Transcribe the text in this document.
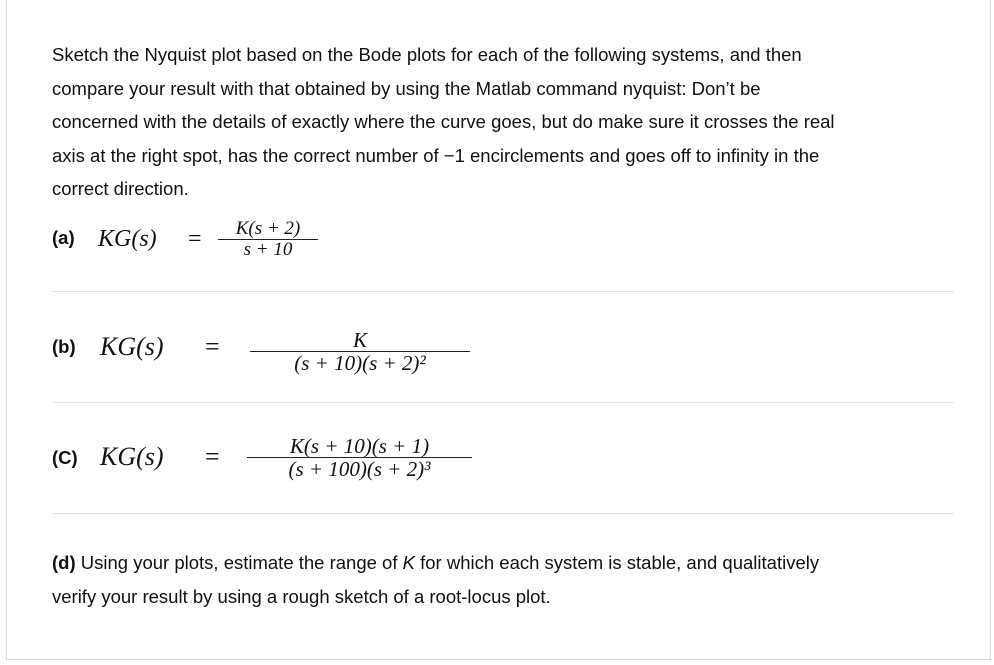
Sketch the Nyquist plot based on the Bode plots for each of the following systems, and then

compare your result with that obtained by using the Matlab command nyquist: Don’t be

concerned with the details of exactly where the curve goes, but do make sure it crosses the real

axis at the right spot, has the correct number of −1 encirclements and goes off to infinity in the

correct direction.

(a) KG(s) =	K(s + 2)
s + 10
(b) KG(s) =	K
(s + 10)(s + 2)²
(C) KG(s) =	K(s + 10)(s + 1)
(s + 100)(s + 2)³

(d) Using your plots, estimate the range of K for which each system is stable, and qualitatively

verify your result by using a rough sketch of a root-locus plot.
